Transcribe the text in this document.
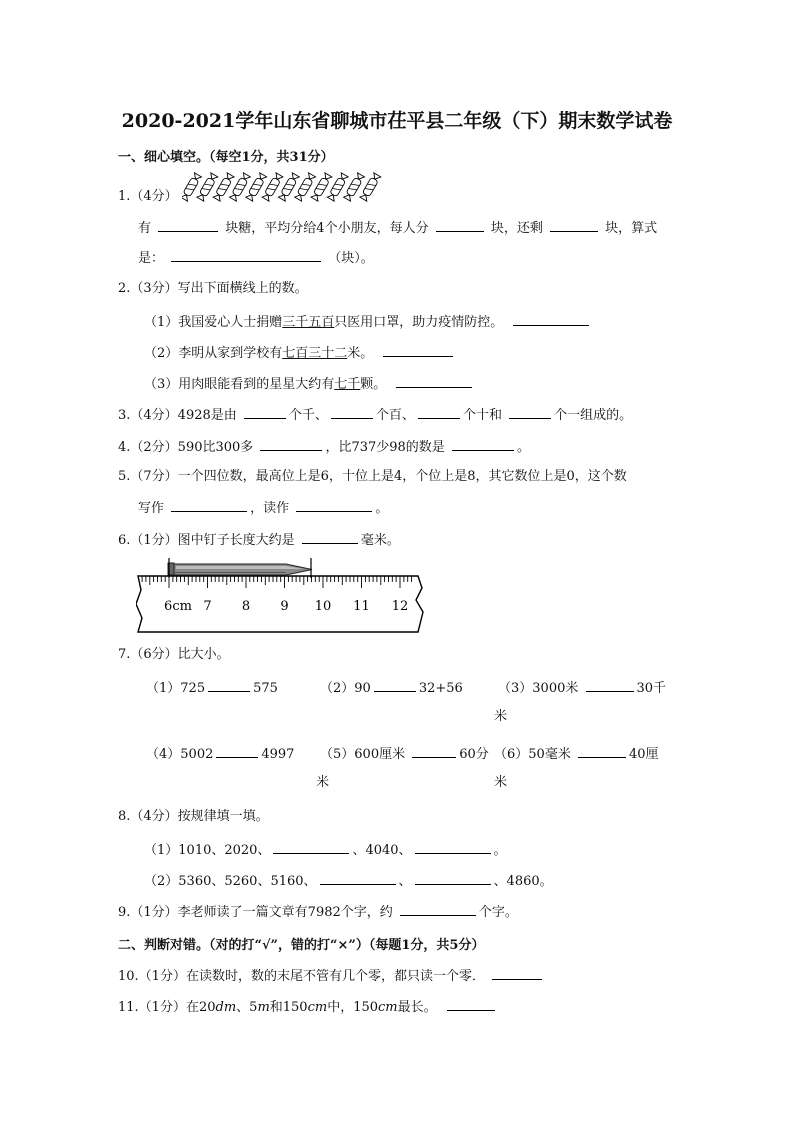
2020-2021学年山东省聊城市茌平县二年级（下）期末数学试卷
一、细心填空。（每空1分，共31分）
1.（4分）
有	块糖，平均分给4个小朋友，每人分	块，还剩	块，算式
是：	（块）。
2.（3分）写出下面横线上的数。
（1）我国爱心人士捐赠三千五百只医用口罩，助力疫情防控。
（2）李明从家到学校有七百三十二米。
（3）用肉眼能看到的星星大约有七千颗。
3.（4分）4928是由	个千、	个百、	个十和	个一组成的。
4.（2分）590比300多	，比737少98的数是	。
5.（7分）一个四位数，最高位上是6，十位上是4，个位上是8，其它数位上是0，这个数
写作	，读作	。
6.（1分）图中钉子长度大约是	毫米。
6cm 7 8 9 10 11 12
7.（6分）比大小。
（1）725	575	（2）90	32+56	（3）3000米	30千
米
（4）5002	4997 （5）600厘米	60分
米
（6）50毫米	40厘
米
8.（4分）按规律填一填。
（1）1010、2020、	、4040、	。
（2）5360、5260、5160、	、	、4860。
9.（1分）李老师读了一篇文章有7982个字，约	个字。
二、判断对错。（对的打“√”，错的打“×”）（每题1分，共5分）
10.（1分）在读数时，数的末尾不管有几个零，都只读一个零．
11.（1分）在20dm、5m和150cm中，150cm最长。
